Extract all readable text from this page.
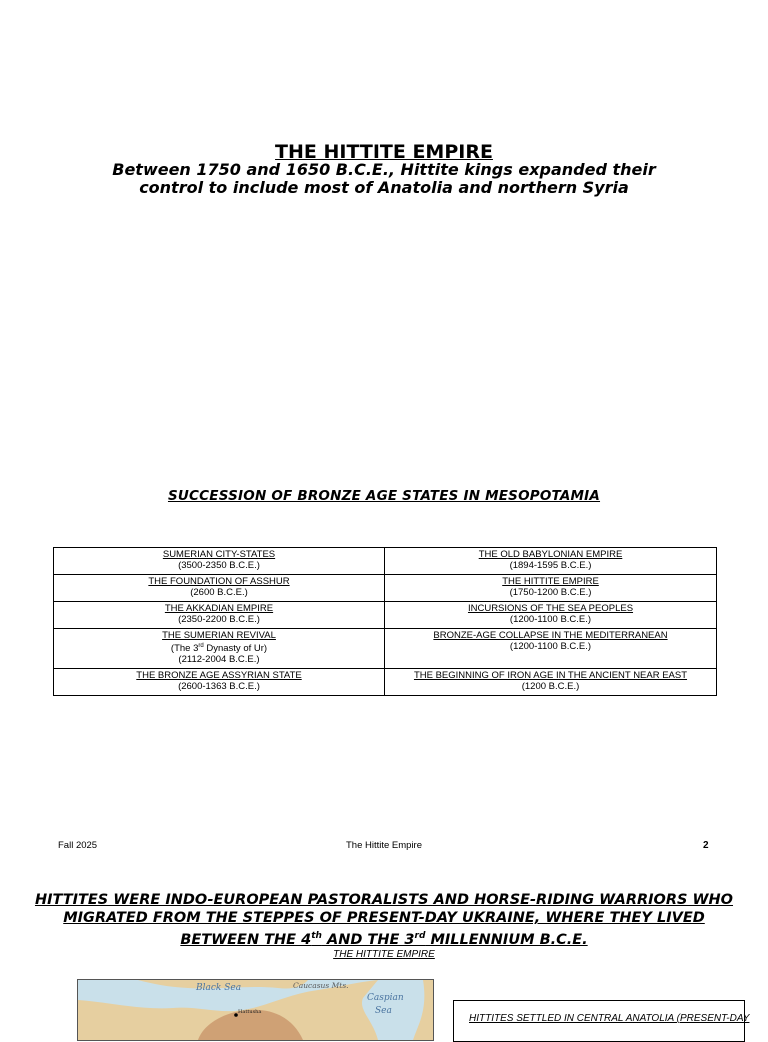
THE HITTITE EMPIRE
Between 1750 and 1650 B.C.E., Hittite kings expanded their control to include most of Anatolia and northern Syria
SUCCESSION OF BRONZE AGE STATES IN MESOPOTAMIA
SUMERIAN CITY-STATES
(3500-2350 B.C.E.)	THE OLD BABYLONIAN EMPIRE
(1894-1595 B.C.E.)

THE FOUNDATION OF ASSHUR
(2600 B.C.E.)	THE HITTITE EMPIRE
(1750-1200 B.C.E.)

THE AKKADIAN EMPIRE
(2350-2200 B.C.E.)	INCURSIONS OF THE SEA PEOPLES
(1200-1100 B.C.E.)

THE SUMERIAN REVIVAL
(The 3rd Dynasty of Ur)
(2112-2004 B.C.E.)	BRONZE-AGE COLLAPSE IN THE MEDITERRANEAN
(1200-1100 B.C.E.)

THE BRONZE AGE ASSYRIAN STATE
(2600-1363 B.C.E.)	THE BEGINNING OF IRON AGE IN THE ANCIENT NEAR EAST
(1200 B.C.E.)
Fall 2025	The Hittite Empire	2
HITTITES WERE INDO-EUROPEAN PASTORALISTS AND HORSE-RIDING WARRIORS WHO MIGRATED FROM THE STEPPES OF PRESENT-DAY UKRAINE, WHERE THEY LIVED BETWEEN THE 4th AND THE 3rd MILLENNIUM B.C.E.
THE HITTITE EMPIRE
Black Sea	Caucasus Mts.
Caspian
Sea
Hattusha
HITTITES SETTLED IN CENTRAL ANATOLIA (PRESENT-DAY
